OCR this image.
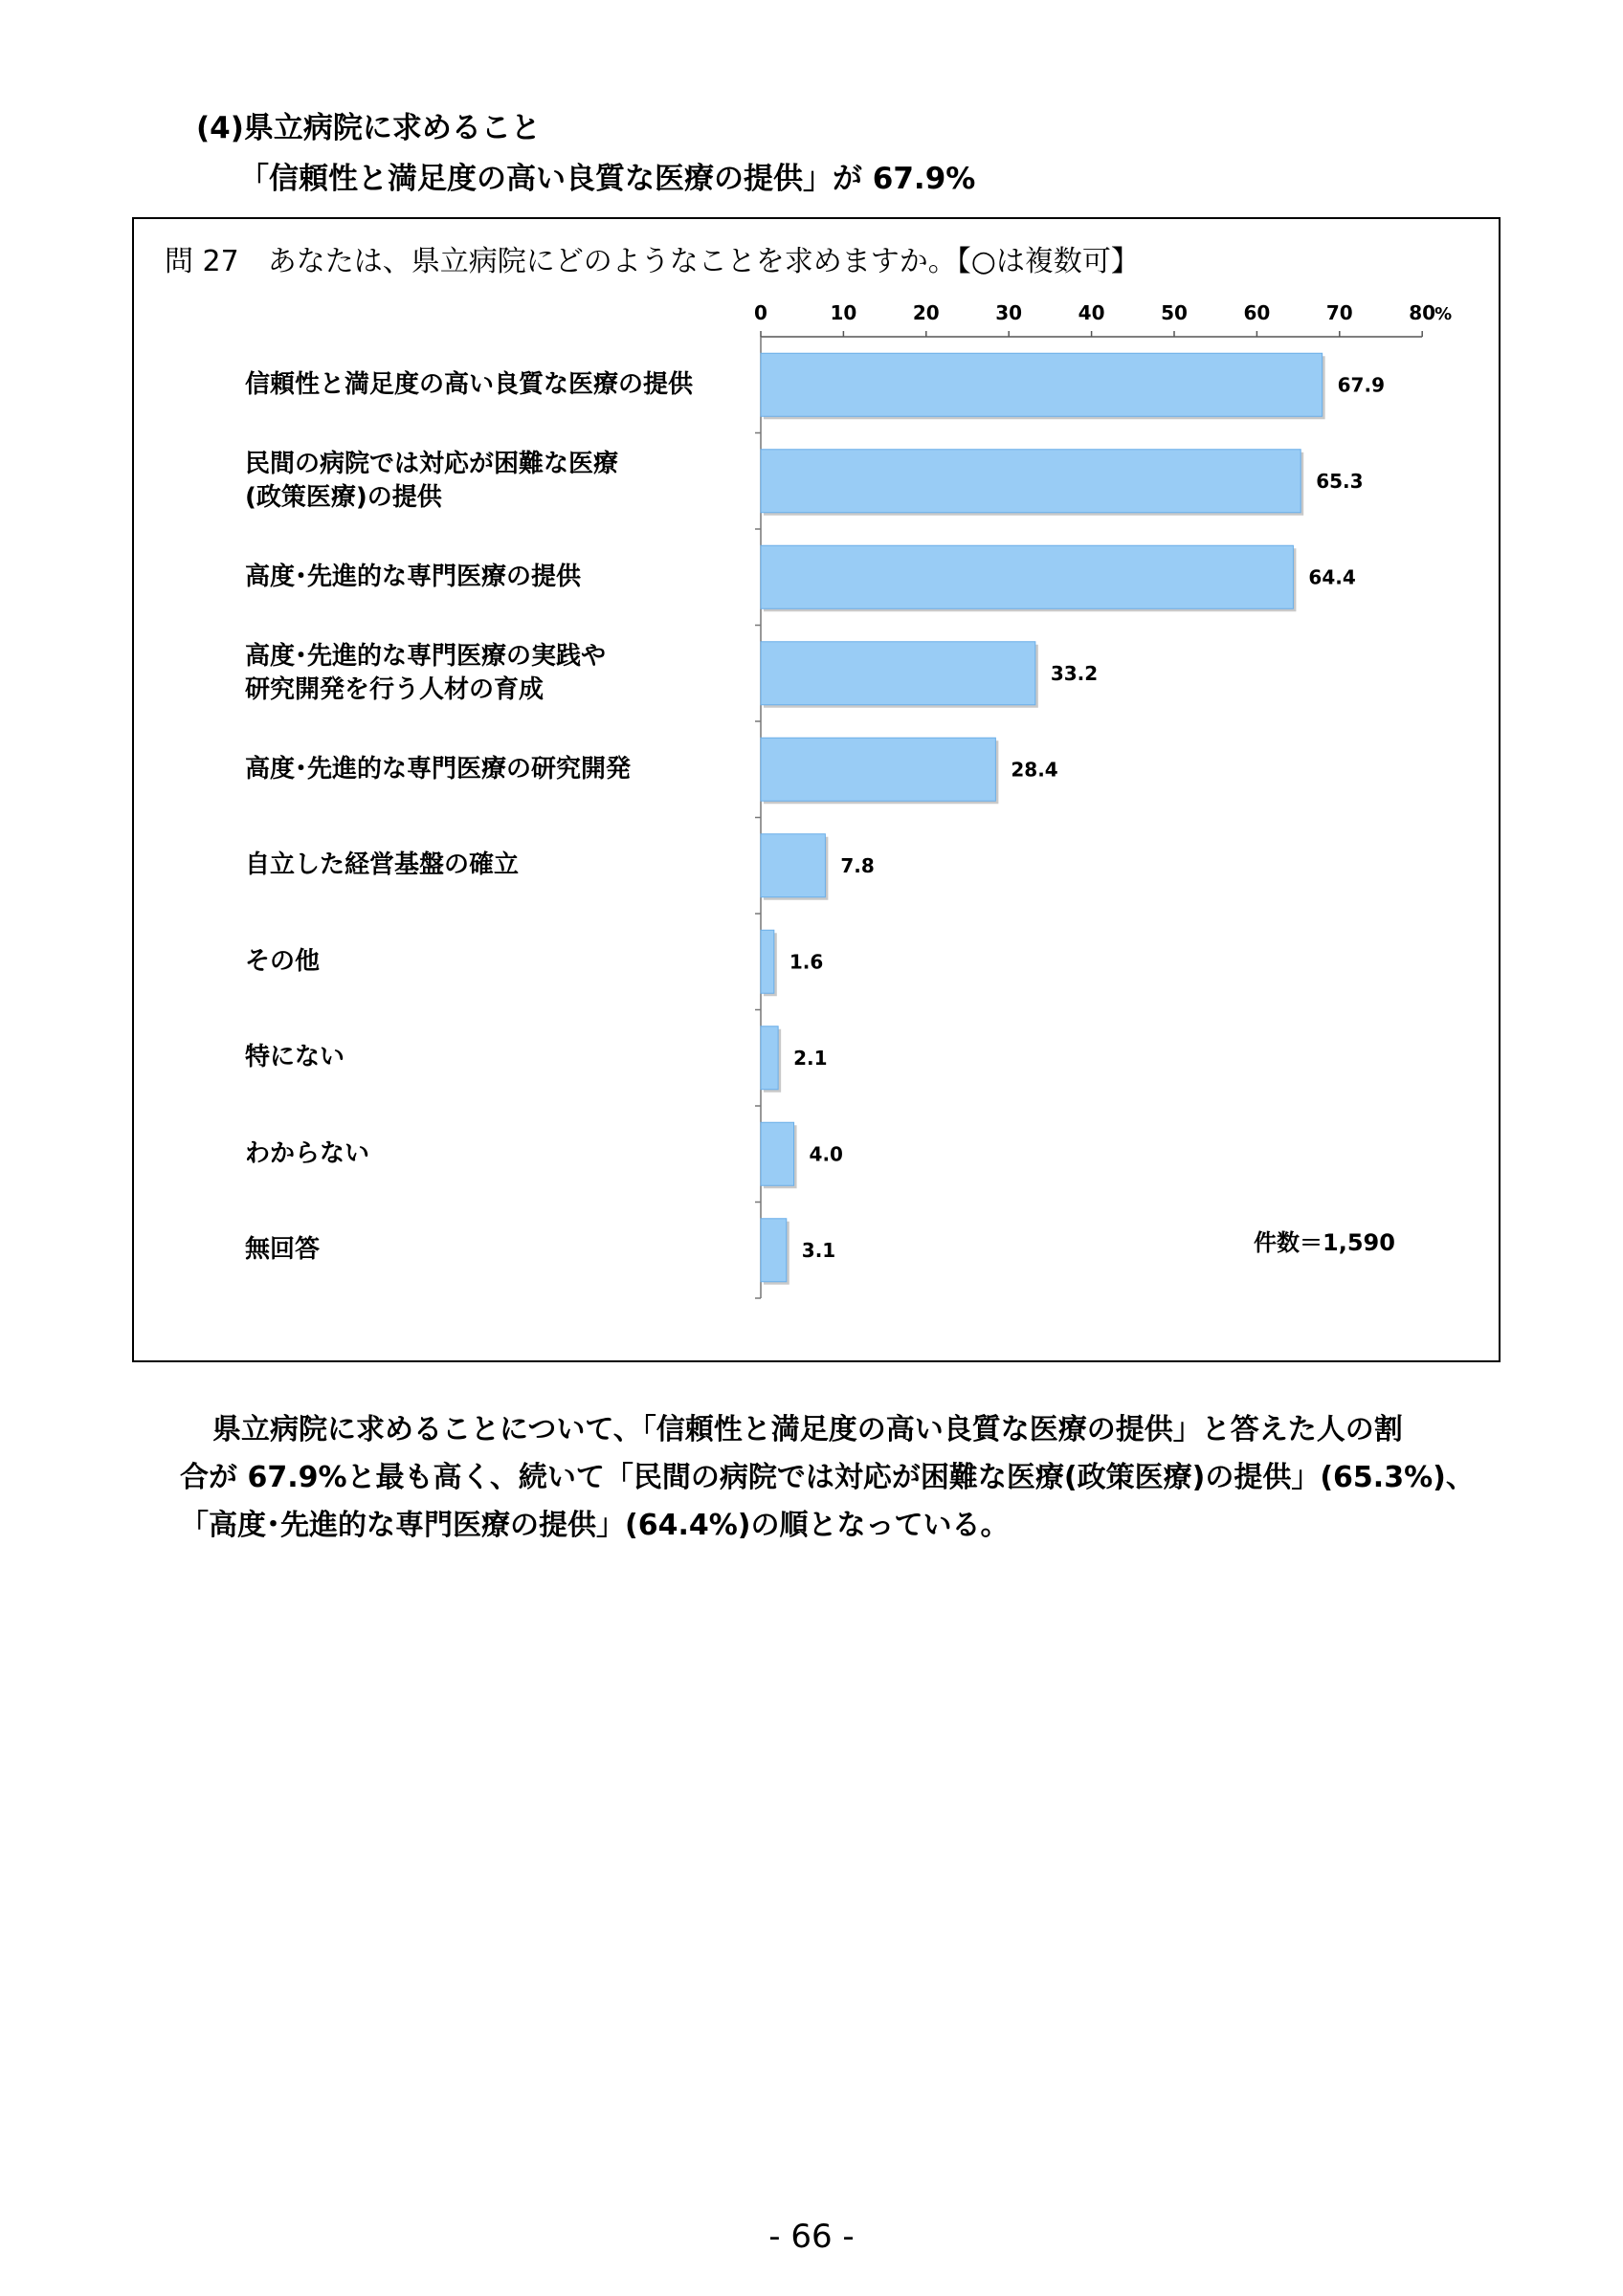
(4)県立病院に求めること
「信頼性と満足度の高い良質な医療の提供」が 67.9%
問 27　あなたは、県立病院にどのようなことを求めますか。【○は複数可】
信頼性と満足度の高い良質な医療の提供
民間の病院では対応が困難な医療
(政策医療)の提供
高度･先進的な専門医療の提供
高度･先進的な専門医療の実践や
研究開発を行う人材の育成
高度･先進的な専門医療の研究開発
自立した経営基盤の確立
その他
特にない
わからない
無回答
0	10	20	30	40	50	60	70	80 %
67.9
65.3
64.4
33.2
28.4
7.8
1.6
2.1
4.0
3.1	件数＝1,590

県立病院に求めることについて、「信頼性と満足度の高い良質な医療の提供」と答えた人の割

合が 67.9%と最も高く、続いて「民間の病院では対応が困難な医療(政策医療)の提供」(65.3%)、

「高度･先進的な専門医療の提供」(64.4%)の順となっている。

- 66 -
